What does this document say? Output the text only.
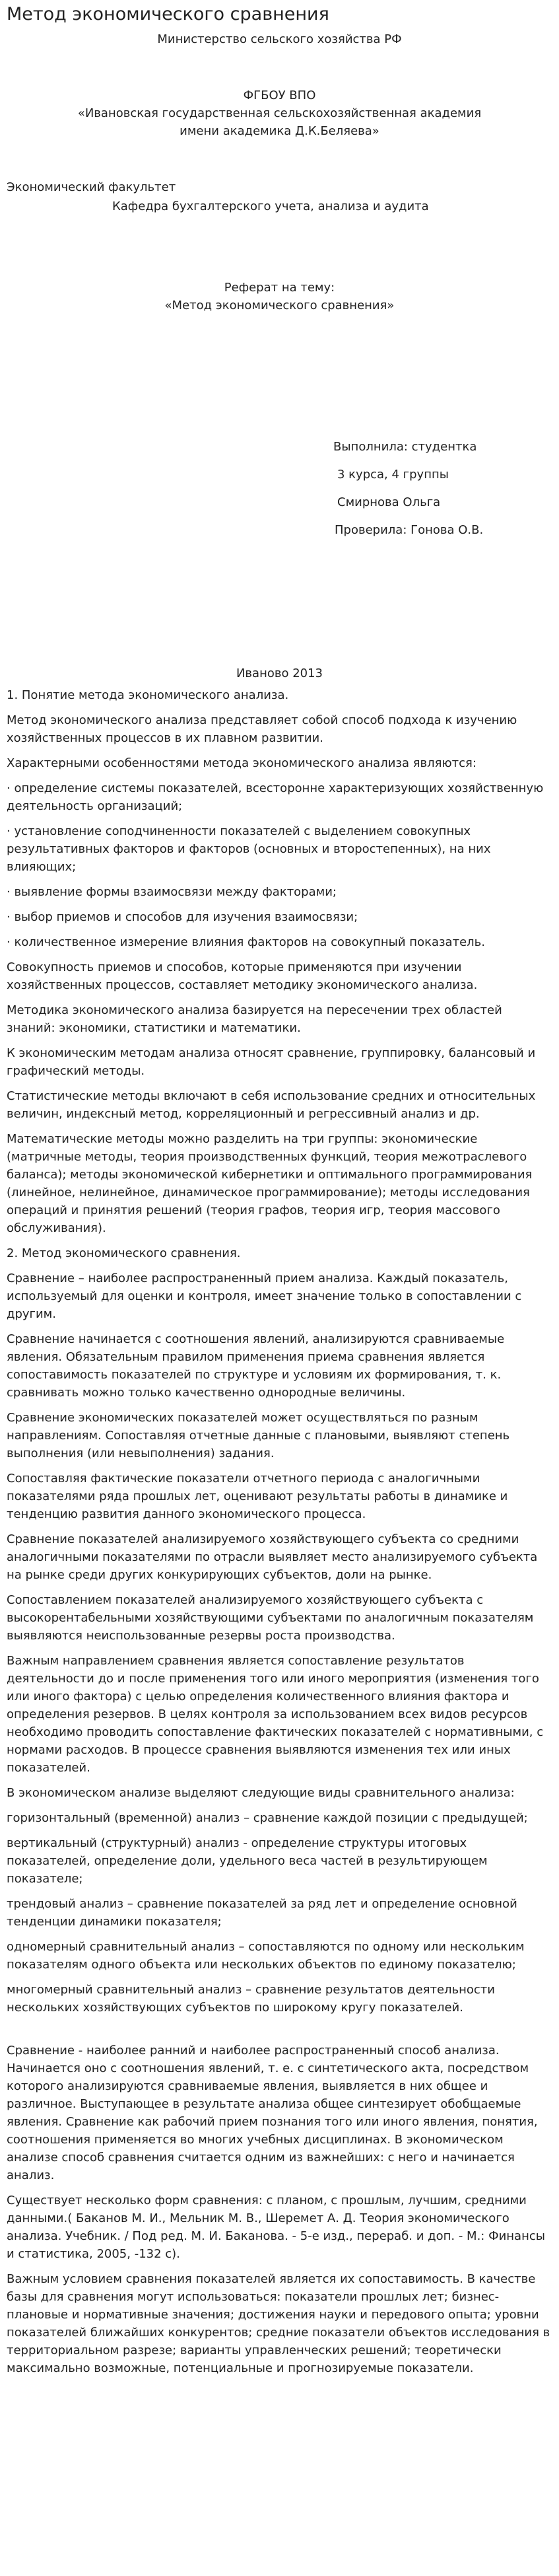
Метод экономического сравнения
Министерство сельского хозяйства РФ
ФГБОУ ВПО
«Ивановская государственная сельскохозяйственная академия
имени академика Д.К.Беляева»
Экономический факультет
Кафедра бухгалтерского учета, анализа и аудита
Реферат на тему:
«Метод экономического сравнения»
Выполнила: студентка
3 курса, 4 группы
Смирнова Ольга
Проверила: Гонова О.В.
Иваново 2013

1. Понятие метода экономического анализа.

Метод экономического анализа представляет собой способ подхода к изучению хозяйственных процессов в их плавном развитии.

Характерными особенностями метода экономического анализа являются:

· определение системы показателей, всесторонне характеризующих хозяйственную деятельность организаций;

· установление соподчиненности показателей с выделением совокупных результативных факторов и факторов (основных и второстепенных), на них влияющих;

· выявление формы взаимосвязи между факторами;

· выбор приемов и способов для изучения взаимосвязи;

· количественное измерение влияния факторов на совокупный показатель.

Совокупность приемов и способов, которые применяются при изучении хозяйственных процессов, составляет методику экономического анализа.

Методика экономического анализа базируется на пересечении трех областей знаний: экономики, статистики и математики.

К экономическим методам анализа относят сравнение, группировку, балансовый и графический методы.

Статистические методы включают в себя использование средних и относительных величин, индексный метод, корреляционный и регрессивный анализ и др.

Математические методы можно разделить на три группы: экономические (матричные методы, теория производственных функций, теория межотраслевого баланса); методы экономической кибернетики и оптимального программирования (линейное, нелинейное, динамическое программирование); методы исследования операций и принятия решений (теория графов, теория игр, теория массового обслуживания).

2. Метод экономического сравнения.

Сравнение – наиболее распространенный прием анализа. Каждый показатель, используемый для оценки и контроля, имеет значение только в сопоставлении с другим.

Сравнение начинается с соотношения явлений, анализируются сравниваемые явления. Обязательным правилом применения приема сравнения является сопоставимость показателей по структуре и условиям их формирования, т. к. сравнивать можно только качественно однородные величины.

Сравнение экономических показателей может осуществляться по разным направлениям. Сопоставляя отчетные данные с плановыми, выявляют степень выполнения (или невыполнения) задания.

Сопоставляя фактические показатели отчетного периода с аналогичными показателями ряда прошлых лет, оценивают результаты работы в динамике и тенденцию развития данного экономического процесса.

Сравнение показателей анализируемого хозяйствующего субъекта со средними аналогичными показателями по отрасли выявляет место анализируемого субъекта на рынке среди других конкурирующих субъектов, доли на рынке.

Сопоставлением показателей анализируемого хозяйствующего субъекта с высокорентабельными хозяйствующими субъектами по аналогичным показателям выявляются неиспользованные резервы роста производства.

Важным направлением сравнения является сопоставление результатов деятельности до и после применения того или иного мероприятия (изменения того или иного фактора) с целью определения количественного влияния фактора и определения резервов. В целях контроля за использованием всех видов ресурсов необходимо проводить сопоставление фактических показателей с нормативными, с нормами расходов. В процессе сравнения выявляются изменения тех или иных показателей.

В экономическом анализе выделяют следующие виды сравнительного анализа:

горизонтальный (временной) анализ – сравнение каждой позиции с предыдущей;

вертикальный (структурный) анализ - определение структуры итоговых показателей, определение доли, удельного веса частей в результирующем показателе;

трендовый анализ – сравнение показателей за ряд лет и определение основной тенденции динамики показателя;

одномерный сравнительный анализ – сопоставляются по одному или нескольким показателям одного объекта или нескольких объектов по единому показателю;

многомерный сравнительный анализ – сравнение результатов деятельности нескольких хозяйствующих субъектов по широкому кругу показателей.

Сравнение - наиболее ранний и наиболее распространенный способ анализа. Начинается оно с соотношения явлений, т. е. с синтетического акта, посредством которого анализируются сравниваемые явления, выявляется в них общее и различное. Выступающее в результате анализа общее синтезирует обобщаемые явления. Сравнение как рабочий прием познания того или иного явления, понятия, соотношения применяется во многих учебных дисциплинах. В экономическом анализе способ сравнения считается одним из важнейших: с него и начинается анализ.

Существует несколько форм сравнения: с планом, с прошлым, лучшим, средними данными.( Баканов М. И., Мельник М. В., Шеремет А. Д. Теория экономического анализа. Учебник. / Под ред. М. И. Баканова. - 5-е изд., перераб. и доп. - М.: Финансы и статистика, 2005, -132 с).

Важным условием сравнения показателей является их сопоставимость. В качестве базы для сравнения могут использоваться: показатели прошлых лет; бизнес- плановые и нормативные значения; достижения науки и передового опыта; уровни показателей ближайших конкурентов; средние показатели объектов исследования в территориальном разрезе; варианты управленческих решений; теоретически максимально возможные, потенциальные и прогнозируемые показатели.
